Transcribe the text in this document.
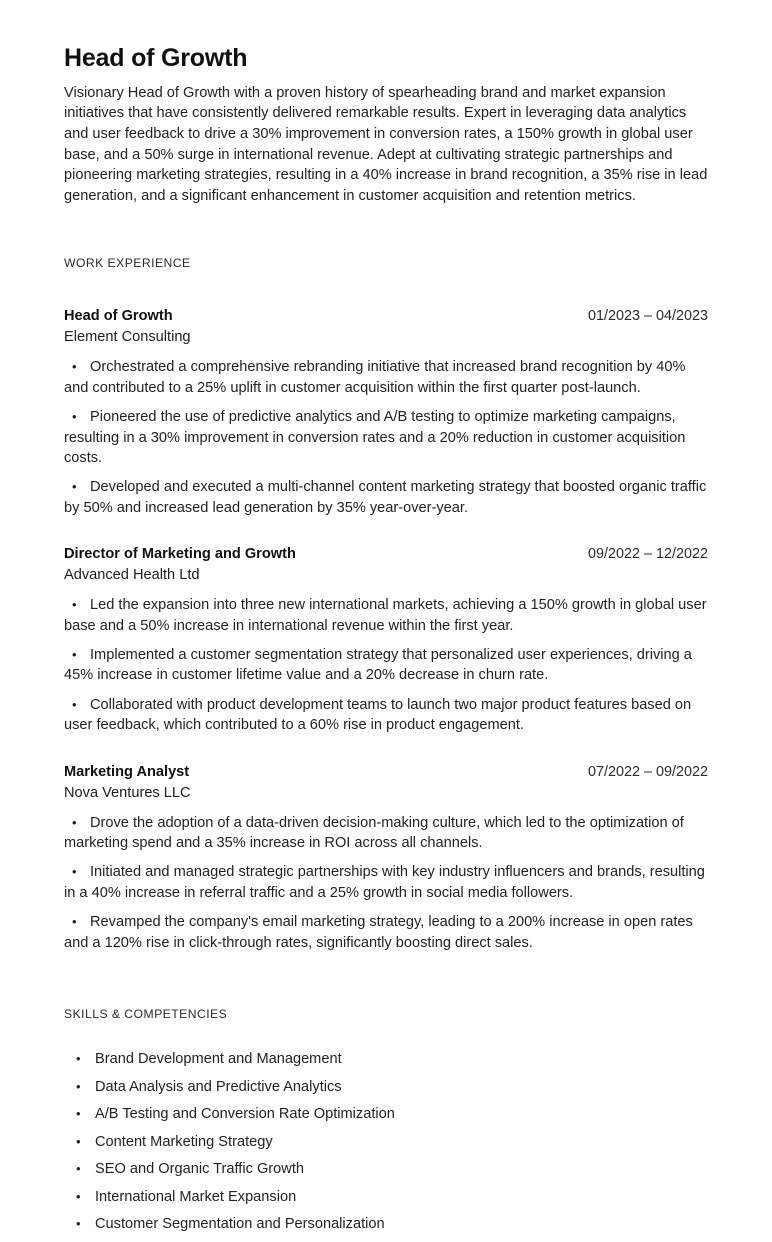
Head of Growth

Visionary Head of Growth with a proven history of spearheading brand and market expansion initiatives that have consistently delivered remarkable results. Expert in leveraging data analytics and user feedback to drive a 30% improvement in conversion rates, a 150% growth in global user base, and a 50% surge in international revenue. Adept at cultivating strategic partnerships and pioneering marketing strategies, resulting in a 40% increase in brand recognition, a 35% rise in lead generation, and a significant enhancement in customer acquisition and retention metrics.

WORK EXPERIENCE
Head of Growth	01/2023 – 04/2023
Element Consulting
• Orchestrated a comprehensive rebranding initiative that increased brand recognition by 40% and contributed to a 25% uplift in customer acquisition within the first quarter post-launch.
• Pioneered the use of predictive analytics and A/B testing to optimize marketing campaigns, resulting in a 30% improvement in conversion rates and a 20% reduction in customer acquisition costs.
• Developed and executed a multi-channel content marketing strategy that boosted organic traffic by 50% and increased lead generation by 35% year-over-year.
Director of Marketing and Growth	09/2022 – 12/2022
Advanced Health Ltd
• Led the expansion into three new international markets, achieving a 150% growth in global user base and a 50% increase in international revenue within the first year.
• Implemented a customer segmentation strategy that personalized user experiences, driving a 45% increase in customer lifetime value and a 20% decrease in churn rate.
• Collaborated with product development teams to launch two major product features based on user feedback, which contributed to a 60% rise in product engagement.
Marketing Analyst	07/2022 – 09/2022
Nova Ventures LLC
• Drove the adoption of a data-driven decision-making culture, which led to the optimization of marketing spend and a 35% increase in ROI across all channels.
• Initiated and managed strategic partnerships with key industry influencers and brands, resulting in a 40% increase in referral traffic and a 25% growth in social media followers.
• Revamped the company's email marketing strategy, leading to a 200% increase in open rates and a 120% rise in click-through rates, significantly boosting direct sales.
SKILLS & COMPETENCIES
• Brand Development and Management
• Data Analysis and Predictive Analytics
• A/B Testing and Conversion Rate Optimization
• Content Marketing Strategy
• SEO and Organic Traffic Growth
• International Market Expansion
• Customer Segmentation and Personalization
